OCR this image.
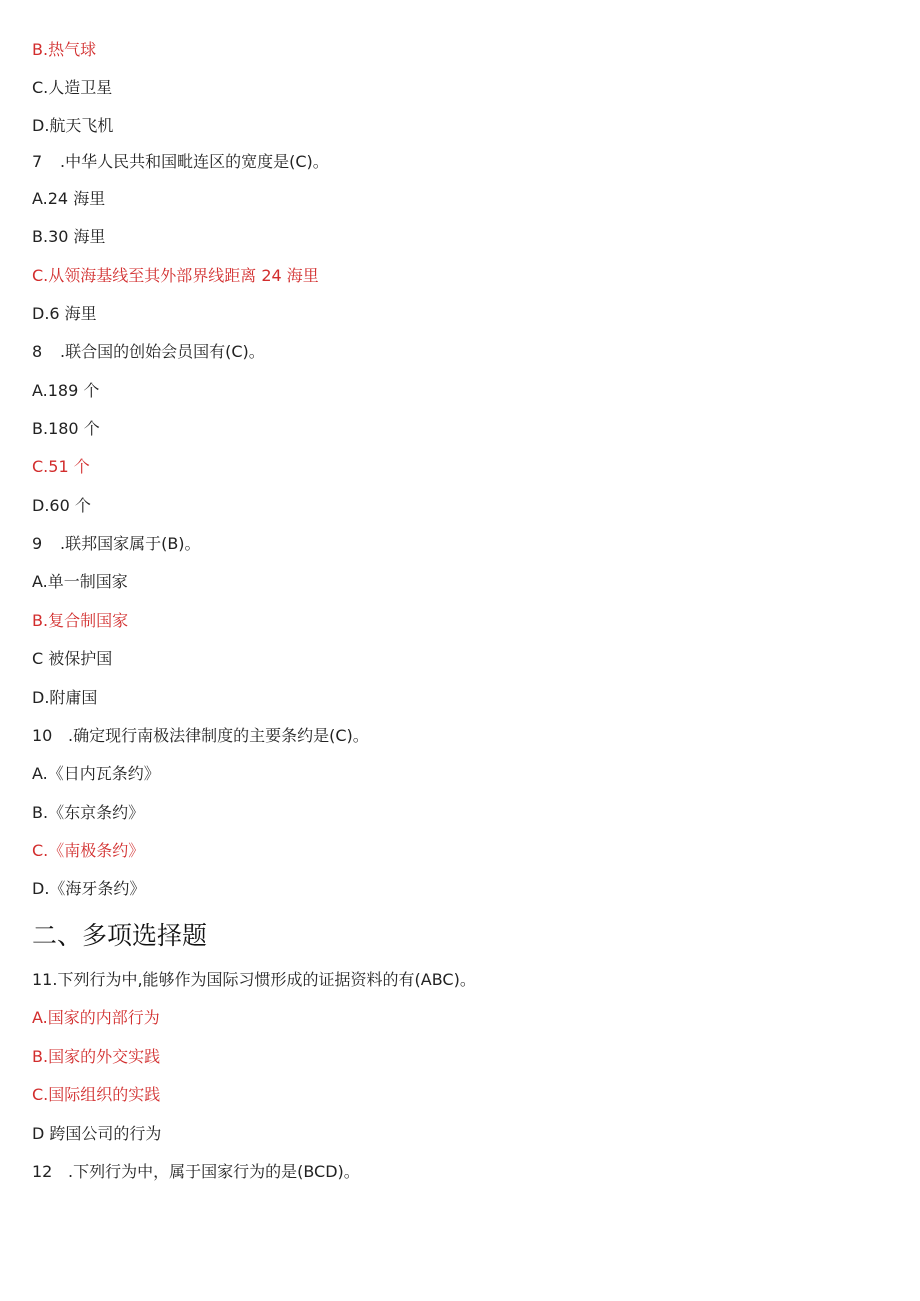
B.热气球
C.人造卫星
D.航天飞机
7 .中华人民共和国毗连区的宽度是(C)。
A.24 海里
B.30 海里
C.从领海基线至其外部界线距离 24 海里
D.6 海里
8 .联合国的创始会员国有(C)。
A.189 个
B.180 个
C.51 个
D.60 个
9 .联邦国家属于(B)。
A.单一制国家
B.复合制国家
C 被保护国
D.附庸国
10 .确定现行南极法律制度的主要条约是(C)。
A.《日内瓦条约》
B.《东京条约》
C.《南极条约》
D.《海牙条约》
二、多项选择题
11.下列行为中,能够作为国际习惯形成的证据资料的有(ABC)。
A.国家的内部行为
B.国家的外交实践
C.国际组织的实践
D 跨国公司的行为
12 .下列行为中，属于国家行为的是(BCD)。
